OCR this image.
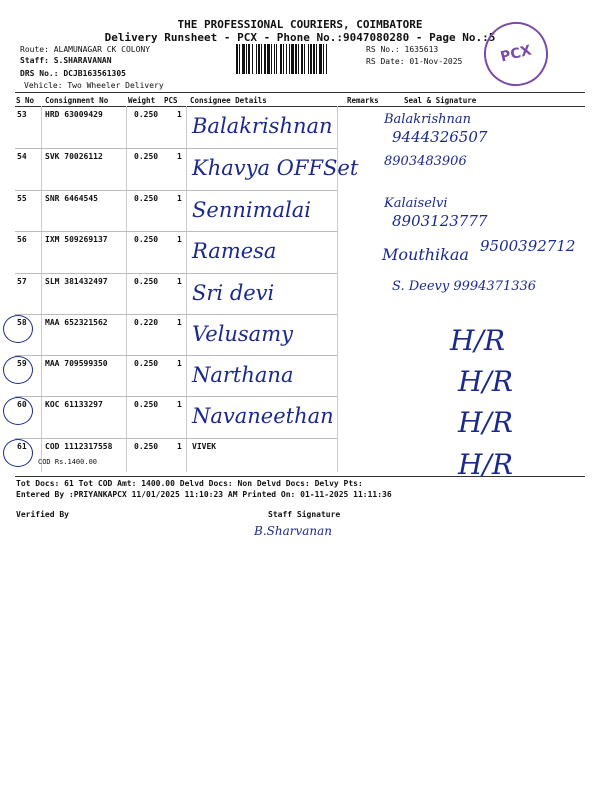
THE PROFESSIONAL COURIERS, COIMBATORE
Delivery Runsheet - PCX - Phone No.:9047080280 - Page No.:5
Route: ALAMUNAGAR CK COLONY
Staff: S.SHARAVANAN
DRS No.: DCJB163561305
Vehicle: Two Wheeler Delivery
RS No.: 1635613
RS Date: 01-Nov-2025	PCX
S No Consignment No	Weight PCS Consignee Details	Remarks	Seal & Signature
53 HRD 63009429	0.250 1 Balakrishnan	Balakrishnan
9444326507
54 SVK 70026112	0.250 1 Khavya OFFSet 8903483906
55 SNR 6464545	0.250 1 Sennimalai	Kalaiselvi
8903123777
56 IXM 509269137	0.250 1 Ramesa	Mouthikaa 9500392712
57 SLM 381432497	0.250 1 Sri devi	S. Deevy 9994371336
58 MAA 652321562	0.220 1 Velusamy	H/R
59 MAA 709599350	0.250 1 Narthana	H/R
60 KOC 61133297	0.250 1 Navaneethan	H/R
61 COD 1112317558	0.250 1 VIVEK
COD Rs.1400.00	H/R
Tot Docs: 61 Tot COD Amt: 1400.00 Delvd Docs: Non Delvd Docs: Delvy Pts:
Entered By :PRIYANKAPCX 11/01/2025 11:10:23 AM Printed On: 01-11-2025 11:11:36
Verified By	Staff Signature
B.Sharvanan
